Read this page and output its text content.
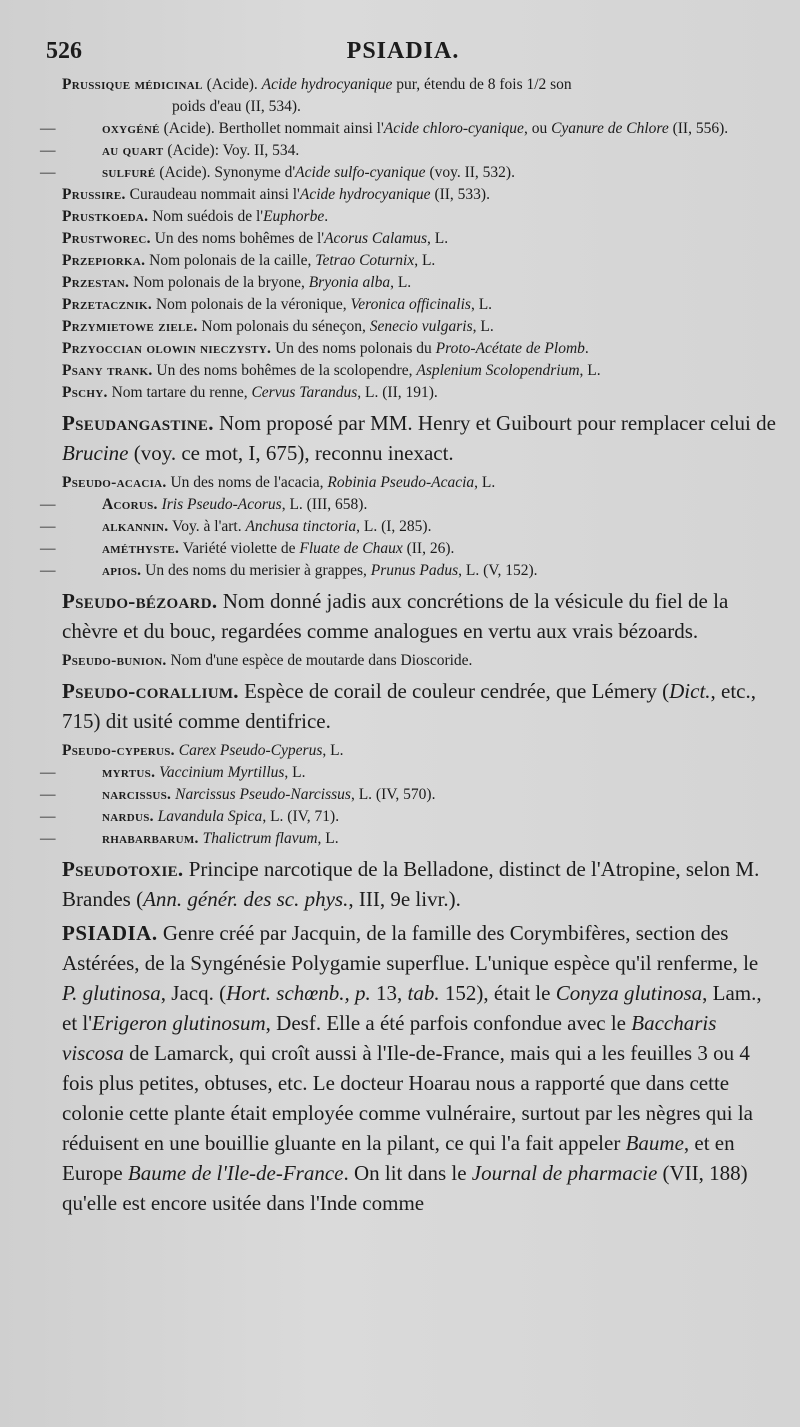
526	PSIADIA.

Prussique médicinal (Acide). Acide hydrocyanique pur, étendu de 8 fois 1/2 son

poids d'eau (II, 534).

—	oxygéné (Acide). Berthollet nommait ainsi l'Acide chloro-cyanique, ou Cyanure de Chlore (II, 556).

—	au quart (Acide): Voy. II, 534.

—	sulfuré (Acide). Synonyme d'Acide sulfo-cyanique (voy. II, 532).

Prussire. Curaudeau nommait ainsi l'Acide hydrocyanique (II, 533).

Prustkoeda. Nom suédois de l'Euphorbe.

Prustworec. Un des noms bohêmes de l'Acorus Calamus, L.

Przepiorka. Nom polonais de la caille, Tetrao Coturnix, L.

Przestan. Nom polonais de la bryone, Bryonia alba, L.

Przetacznik. Nom polonais de la véronique, Veronica officinalis, L.

Przymietowe ziele. Nom polonais du séneçon, Senecio vulgaris, L.

Przyoccian olowin nieczysty. Un des noms polonais du Proto-Acétate de Plomb.

Psany trank. Un des noms bohêmes de la scolopendre, Asplenium Scolopendrium, L.

Pschy. Nom tartare du renne, Cervus Tarandus, L. (II, 191).

Pseudangastine. Nom proposé par MM. Henry et Guibourt pour remplacer celui de Brucine (voy. ce mot, I, 675), reconnu inexact.

Pseudo-acacia. Un des noms de l'acacia, Robinia Pseudo-Acacia, L.

—	Acorus. Iris Pseudo-Acorus, L. (III, 658).

—	alkannin. Voy. à l'art. Anchusa tinctoria, L. (I, 285).

—	améthyste. Variété violette de Fluate de Chaux (II, 26).

—	apios. Un des noms du merisier à grappes, Prunus Padus, L. (V, 152).

Pseudo-bézoard. Nom donné jadis aux concrétions de la vésicule du fiel de la chèvre et du bouc, regardées comme analogues en vertu aux vrais bézoards.

Pseudo-bunion. Nom d'une espèce de moutarde dans Dioscoride.

Pseudo-corallium. Espèce de corail de couleur cendrée, que Lémery (Dict., etc., 715) dit usité comme dentifrice.

Pseudo-cyperus. Carex Pseudo-Cyperus, L.

—	myrtus. Vaccinium Myrtillus, L.

—	narcissus. Narcissus Pseudo-Narcissus, L. (IV, 570).

—	nardus. Lavandula Spica, L. (IV, 71).

—	rhabarbarum. Thalictrum flavum, L.

Pseudotoxie. Principe narcotique de la Belladone, distinct de l'Atropine, selon M. Brandes (Ann. génér. des sc. phys., III, 9e livr.).

PSIADIA. Genre créé par Jacquin, de la famille des Corymbifères, section des Astérées, de la Syngénésie Polygamie superflue. L'unique espèce qu'il renferme, le P. glutinosa, Jacq. (Hort. schœnb., p. 13, tab. 152), était le Conyza glutinosa, Lam., et l'Erigeron glutinosum, Desf. Elle a été parfois confondue avec le Baccharis viscosa de Lamarck, qui croît aussi à l'Ile-de-France, mais qui a les feuilles 3 ou 4 fois plus petites, obtuses, etc. Le docteur Hoarau nous a rapporté que dans cette colonie cette plante était employée comme vulnéraire, surtout par les nègres qui la réduisent en une bouillie gluante en la pilant, ce qui l'a fait appeler Baume, et en Europe Baume de l'Ile-de-France. On lit dans le Journal de pharmacie (VII, 188) qu'elle est encore usitée dans l'Inde comme
